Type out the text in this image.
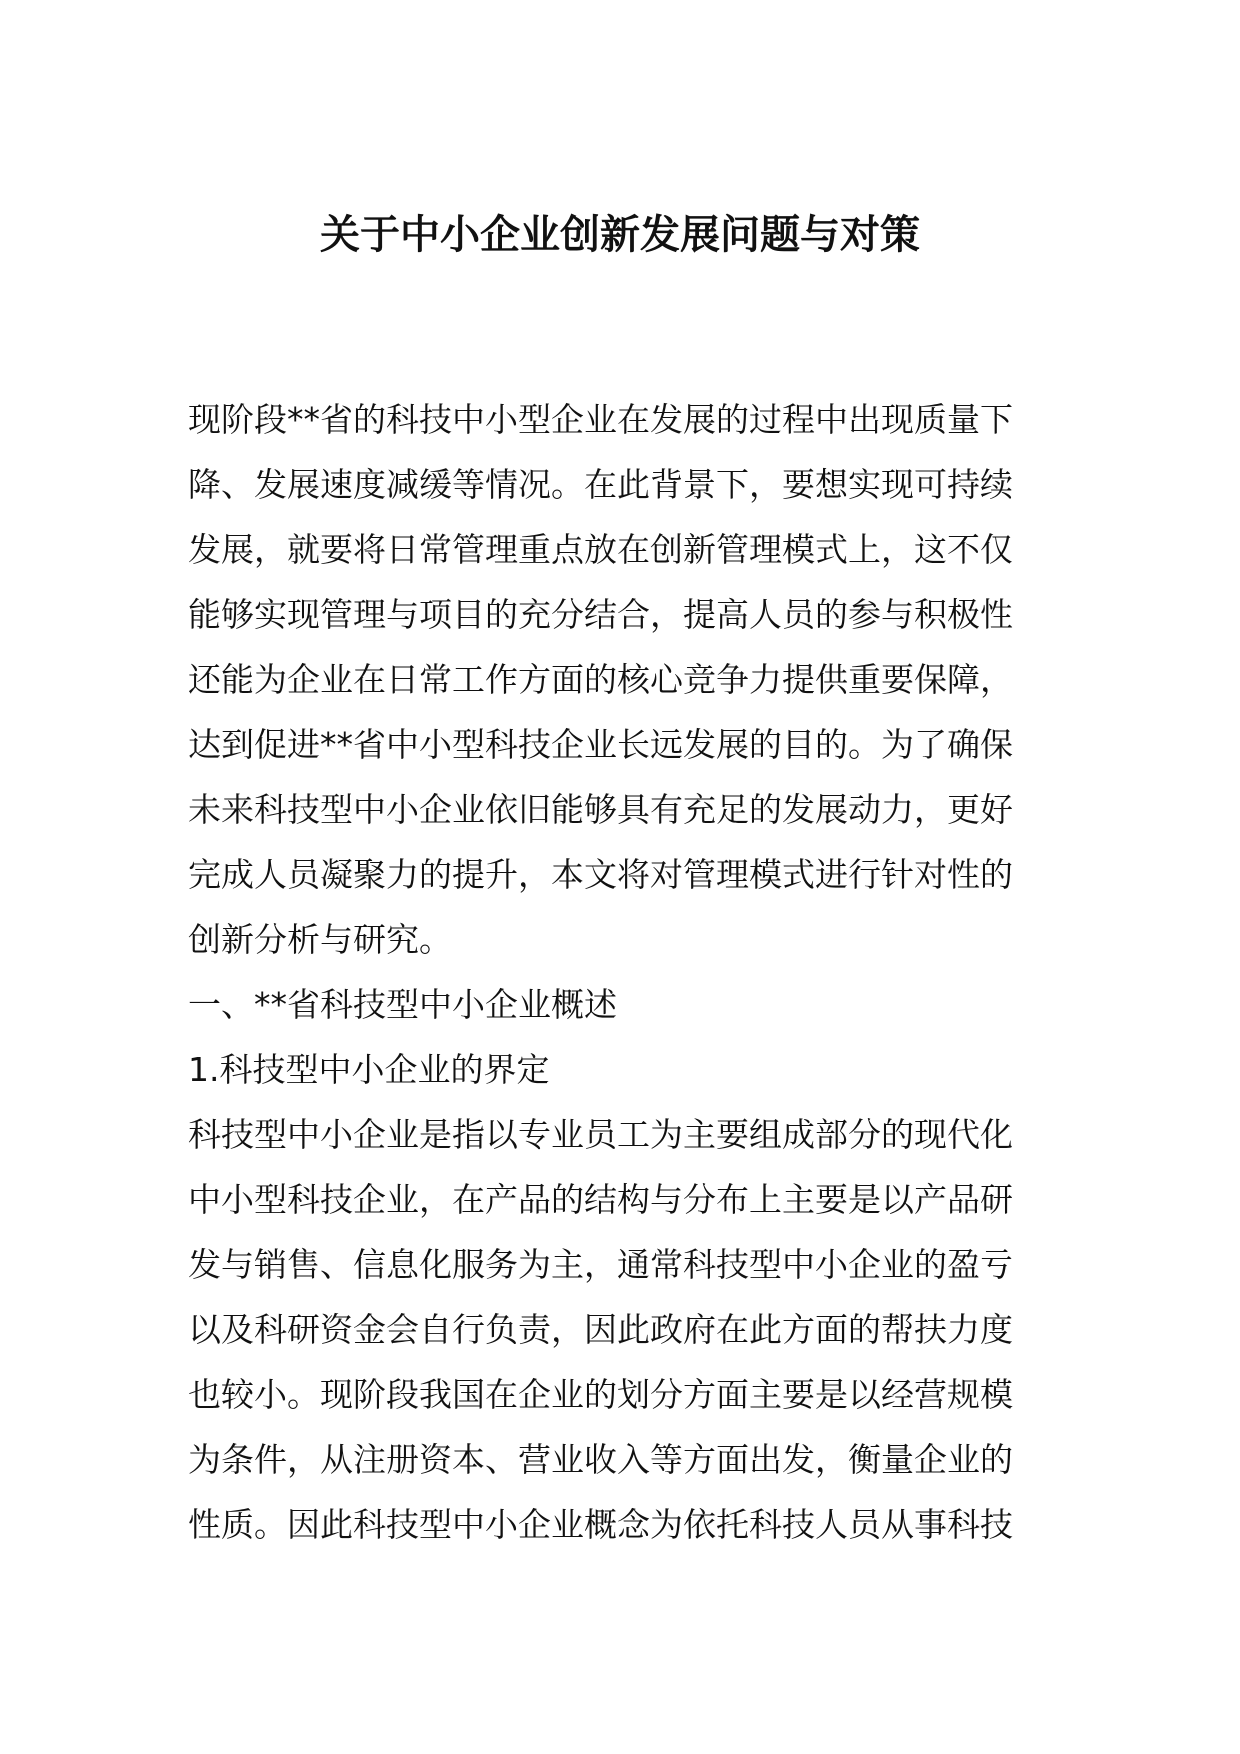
关于中小企业创新发展问题与对策
现阶段**省的科技中小型企业在发展的过程中出现质量下
降、发展速度减缓等情况。在此背景下，要想实现可持续
发展，就要将日常管理重点放在创新管理模式上，这不仅
能够实现管理与项目的充分结合，提高人员的参与积极性
还能为企业在日常工作方面的核心竞争力提供重要保障，
达到促进**省中小型科技企业长远发展的目的。为了确保
未来科技型中小企业依旧能够具有充足的发展动力，更好
完成人员凝聚力的提升，本文将对管理模式进行针对性的
创新分析与研究。
一、**省科技型中小企业概述
1.科技型中小企业的界定
科技型中小企业是指以专业员工为主要组成部分的现代化
中小型科技企业，在产品的结构与分布上主要是以产品研
发与销售、信息化服务为主，通常科技型中小企业的盈亏
以及科研资金会自行负责，因此政府在此方面的帮扶力度
也较小。现阶段我国在企业的划分方面主要是以经营规模
为条件，从注册资本、营业收入等方面出发，衡量企业的
性质。因此科技型中小企业概念为依托科技人员从事科技
